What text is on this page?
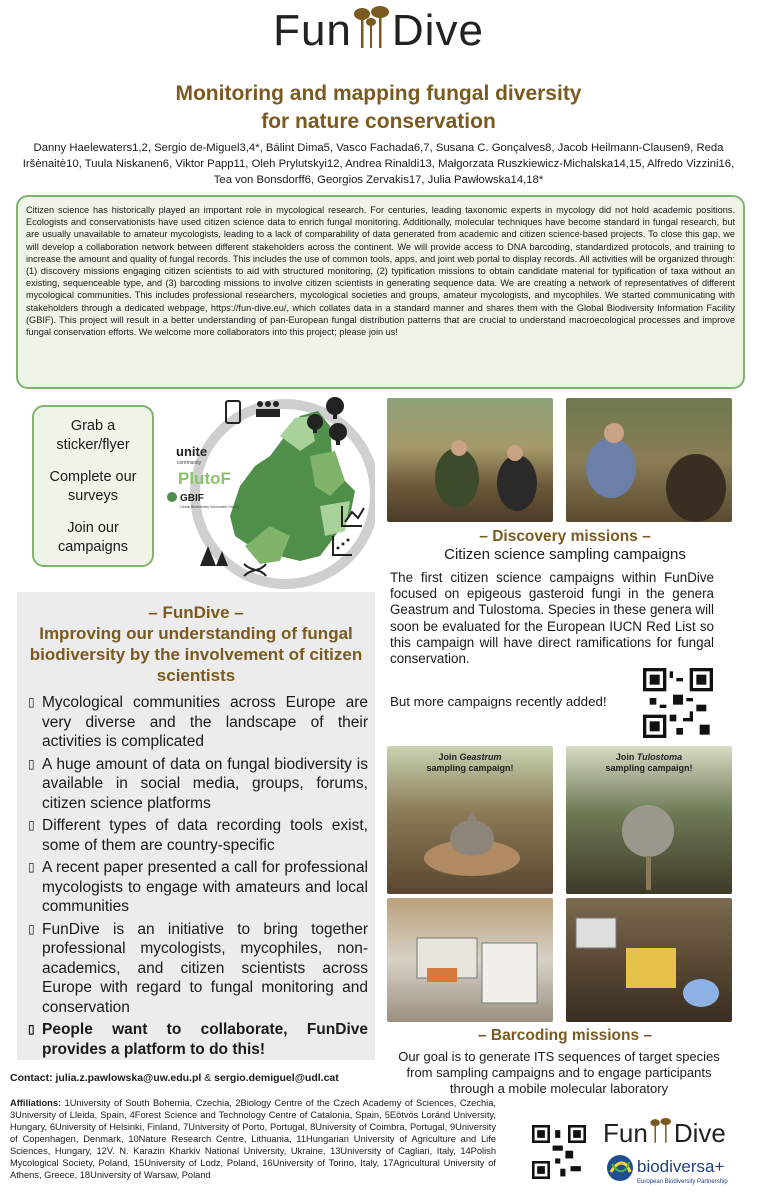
Fun Dive
Monitoring and mapping fungal diversity
for nature conservation
Danny Haelewaters1,2, Sergio de-Miguel3,4*, Bálint Dima5, Vasco Fachada6,7, Susana C. Gonçalves8, Jacob Heilmann-Clausen9, Reda Iršėnaitė10, Tuula Niskanen6, Viktor Papp11, Oleh Prylutskyi12, Andrea Rinaldi13, Małgorzata Ruszkiewicz-Michalska14,15, Alfredo Vizzini16, Tea von Bonsdorff6, Georgios Zervakis17, Julia Pawłowska14,18*
Citizen science has historically played an important role in mycological research. For centuries, leading taxonomic experts in mycology did not hold academic positions. Ecologists and conservationists have used citizen science data to enrich fungal monitoring. Additionally, molecular techniques have become standard in fungal research, but are usually unavailable to amateur mycologists, leading to a lack of comparability of data generated from academic and citizen science-based projects. To close this gap, we will develop a collaboration network between different stakeholders across the continent. We will provide access to DNA barcoding, standardized protocols, and training to increase the amount and quality of fungal records. This includes the use of common tools, apps, and joint web portal to display records. All activities will be organized through: (1) discovery missions engaging citizen scientists to aid with structured monitoring, (2) typification missions to obtain candidate material for typification of taxa without an existing, sequenceable type, and (3) barcoding missions to involve citizen scientists in generating sequence data. We are creating a network of representatives of different mycological communities. This includes professional researchers, mycological societies and groups, amateur mycologists, and mycophiles. We started communicating with stakeholders through a dedicated webpage, https://fun-dive.eu/, which collates data in a standard manner and shares them with the Global Biodiversity Information Facility (GBIF). This project will result in a better understanding of pan-European fungal distribution patterns that are crucial to understand macroecological processes and improve fungal conservation efforts. We welcome more collaborators into this project; please join us!
Grab a sticker/flyer
Complete our surveys
Join our campaigns
unite
community
PlutoF
GBIF
Global Biodiversity Information Facility
– FunDive –
Improving our understanding of fungal biodiversity by the involvement of citizen scientists
▯ Mycological communities across Europe are very diverse and the landscape of their activities is complicated
▯ A huge amount of data on fungal biodiversity is available in social media, groups, forums, citizen science platforms
▯ Different types of data recording tools exist, some of them are country-specific
▯ A recent paper presented a call for professional mycologists to engage with amateurs and local communities
▯ FunDive is an initiative to bring together professional mycologists, mycophiles, non-academics, and citizen scientists across Europe with regard to fungal monitoring and conservation
▯ People want to collaborate, FunDive provides a platform to do this!
– Discovery missions –
Citizen science sampling campaigns
The first citizen science campaigns within FunDive focused on epigeous gasteroid fungi in the genera Geastrum and Tulostoma. Species in these genera will soon be evaluated for the European IUCN Red List so this campaign will have direct ramifications for fungal conservation.
But more campaigns recently added!
Join Geastrum
sampling campaign!
Join Tulostoma
sampling campaign!
– Barcoding missions –
Our goal is to generate ITS sequences of target species from sampling campaigns and to engage participants through a mobile molecular laboratory
Contact: julia.z.pawlowska@uw.edu.pl & sergio.demiguel@udl.cat
Affiliations: 1University of South Bohemia, Czechia, 2Biology Centre of the Czech Academy of Sciences, Czechia, 3University of Lleida, Spain, 4Forest Science and Technology Centre of Catalonia, Spain, 5Eötvös Loránd University, Hungary, 6University of Helsinki, Finland, 7University of Porto, Portugal, 8University of Coimbra, Portugal, 9University of Copenhagen, Denmark, 10Nature Research Centre, Lithuania, 11Hungarian University of Agriculture and Life Sciences, Hungary, 12V. N. Karazin Kharkiv National University, Ukraine, 13University of Cagliari, Italy, 14Polish Mycological Society, Poland, 15University of Lodz, Poland, 16University of Torino, Italy, 17Agricultural University of Athens, Greece, 18University of Warsaw, Poland
Fun Dive
biodiversa+
European Biodiversity Partnership
